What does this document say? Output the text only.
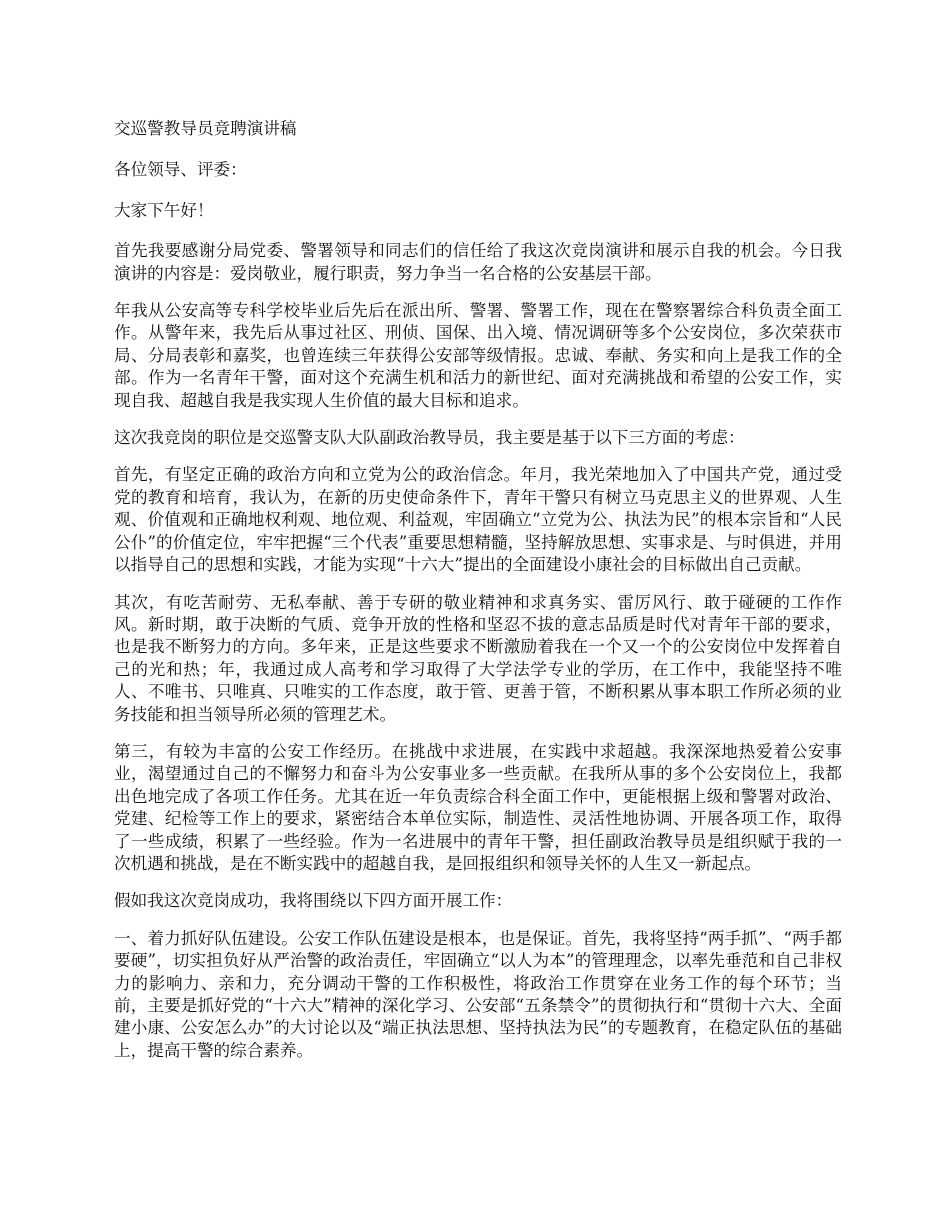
交巡警教导员竞聘演讲稿
各位领导、评委：
大家下午好！
首先我要感谢分局党委、警署领导和同志们的信任给了我这次竞岗演讲和展示自我的机会。今日我演讲的内容是：爱岗敬业，履行职责，努力争当一名合格的公安基层干部。
年我从公安高等专科学校毕业后先后在派出所、警署、警署工作，现在在警察署综合科负责全面工作。从警年来，我先后从事过社区、刑侦、国保、出入境、情况调研等多个公安岗位，多次荣获市局、分局表彰和嘉奖，也曾连续三年获得公安部等级情报。忠诚、奉献、务实和向上是我工作的全部。作为一名青年干警，面对这个充满生机和活力的新世纪、面对充满挑战和希望的公安工作，实现自我、超越自我是我实现人生价值的最大目标和追求。
这次我竞岗的职位是交巡警支队大队副政治教导员，我主要是基于以下三方面的考虑：
首先，有坚定正确的政治方向和立党为公的政治信念。年月，我光荣地加入了中国共产党，通过受党的教育和培育，我认为，在新的历史使命条件下，青年干警只有树立马克思主义的世界观、人生观、价值观和正确地权利观、地位观、利益观，牢固确立“立党为公、执法为民”的根本宗旨和“人民公仆”的价值定位，牢牢把握“三个代表”重要思想精髓，坚持解放思想、实事求是、与时俱进，并用以指导自己的思想和实践，才能为实现“十六大”提出的全面建设小康社会的目标做出自己贡献。
其次，有吃苦耐劳、无私奉献、善于专研的敬业精神和求真务实、雷厉风行、敢于碰硬的工作作风。新时期，敢于决断的气质、竞争开放的性格和坚忍不拔的意志品质是时代对青年干部的要求，也是我不断努力的方向。多年来，正是这些要求不断激励着我在一个又一个的公安岗位中发挥着自己的光和热；年，我通过成人高考和学习取得了大学法学专业的学历，在工作中，我能坚持不唯人、不唯书、只唯真、只唯实的工作态度，敢于管、更善于管，不断积累从事本职工作所必须的业务技能和担当领导所必须的管理艺术。
第三，有较为丰富的公安工作经历。在挑战中求进展，在实践中求超越。我深深地热爱着公安事业，渴望通过自己的不懈努力和奋斗为公安事业多一些贡献。在我所从事的多个公安岗位上，我都出色地完成了各项工作任务。尤其在近一年负责综合科全面工作中，更能根据上级和警署对政治、党建、纪检等工作上的要求，紧密结合本单位实际，制造性、灵活性地协调、开展各项工作，取得了一些成绩，积累了一些经验。作为一名进展中的青年干警，担任副政治教导员是组织赋于我的一次机遇和挑战，是在不断实践中的超越自我，是回报组织和领导关怀的人生又一新起点。
假如我这次竞岗成功，我将围绕以下四方面开展工作：
一、着力抓好队伍建设。公安工作队伍建设是根本，也是保证。首先，我将坚持“两手抓”、“两手都要硬”，切实担负好从严治警的政治责任，牢固确立“以人为本”的管理理念，以率先垂范和自己非权力的影响力、亲和力，充分调动干警的工作积极性，将政治工作贯穿在业务工作的每个环节；当前，主要是抓好党的“十六大”精神的深化学习、公安部“五条禁令”的贯彻执行和“贯彻十六大、全面建小康、公安怎么办”的大讨论以及“端正执法思想、坚持执法为民”的专题教育，在稳定队伍的基础上，提高干警的综合素养。
